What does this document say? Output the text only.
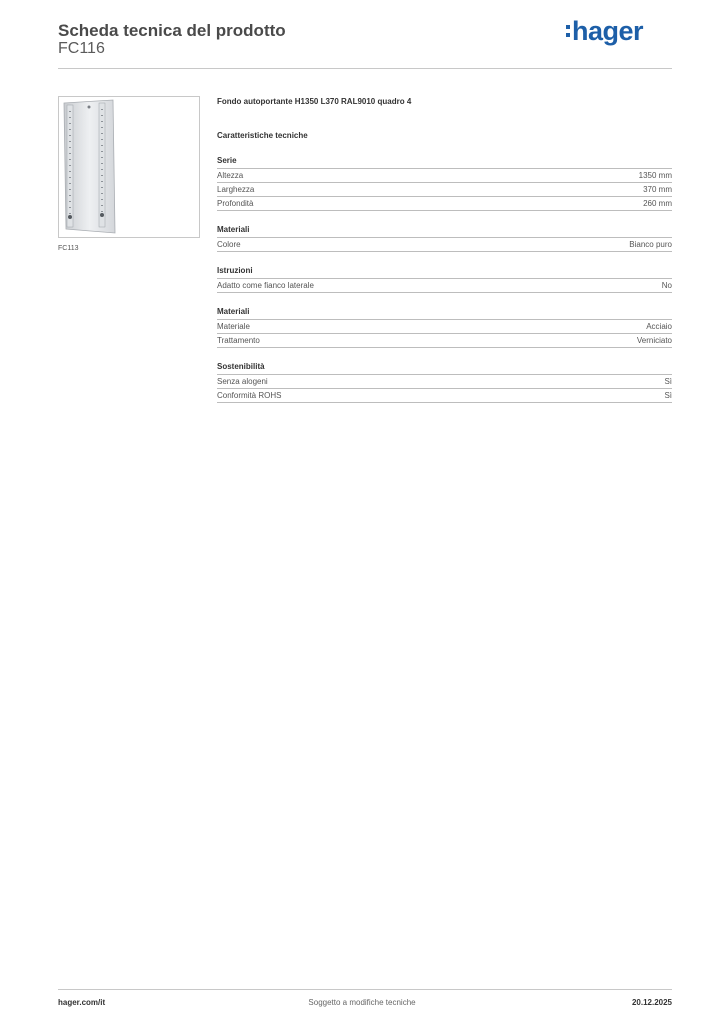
Scheda tecnica del prodotto
FC116
hager
FC113
Fondo autoportante H1350 L370 RAL9010 quadro 4
Caratteristiche tecniche
Serie
Altezza	1350 mm
Larghezza	370 mm
Profondità	260 mm
Materiali
Colore	Bianco puro
Istruzioni
Adatto come fianco laterale	No
Materiali
Materiale	Acciaio
Trattamento	Verniciato
Sostenibilità
Senza alogeni	Sì
Conformità ROHS	Sì
hager.com/it	Soggetto a modifiche tecniche	20.12.2025
